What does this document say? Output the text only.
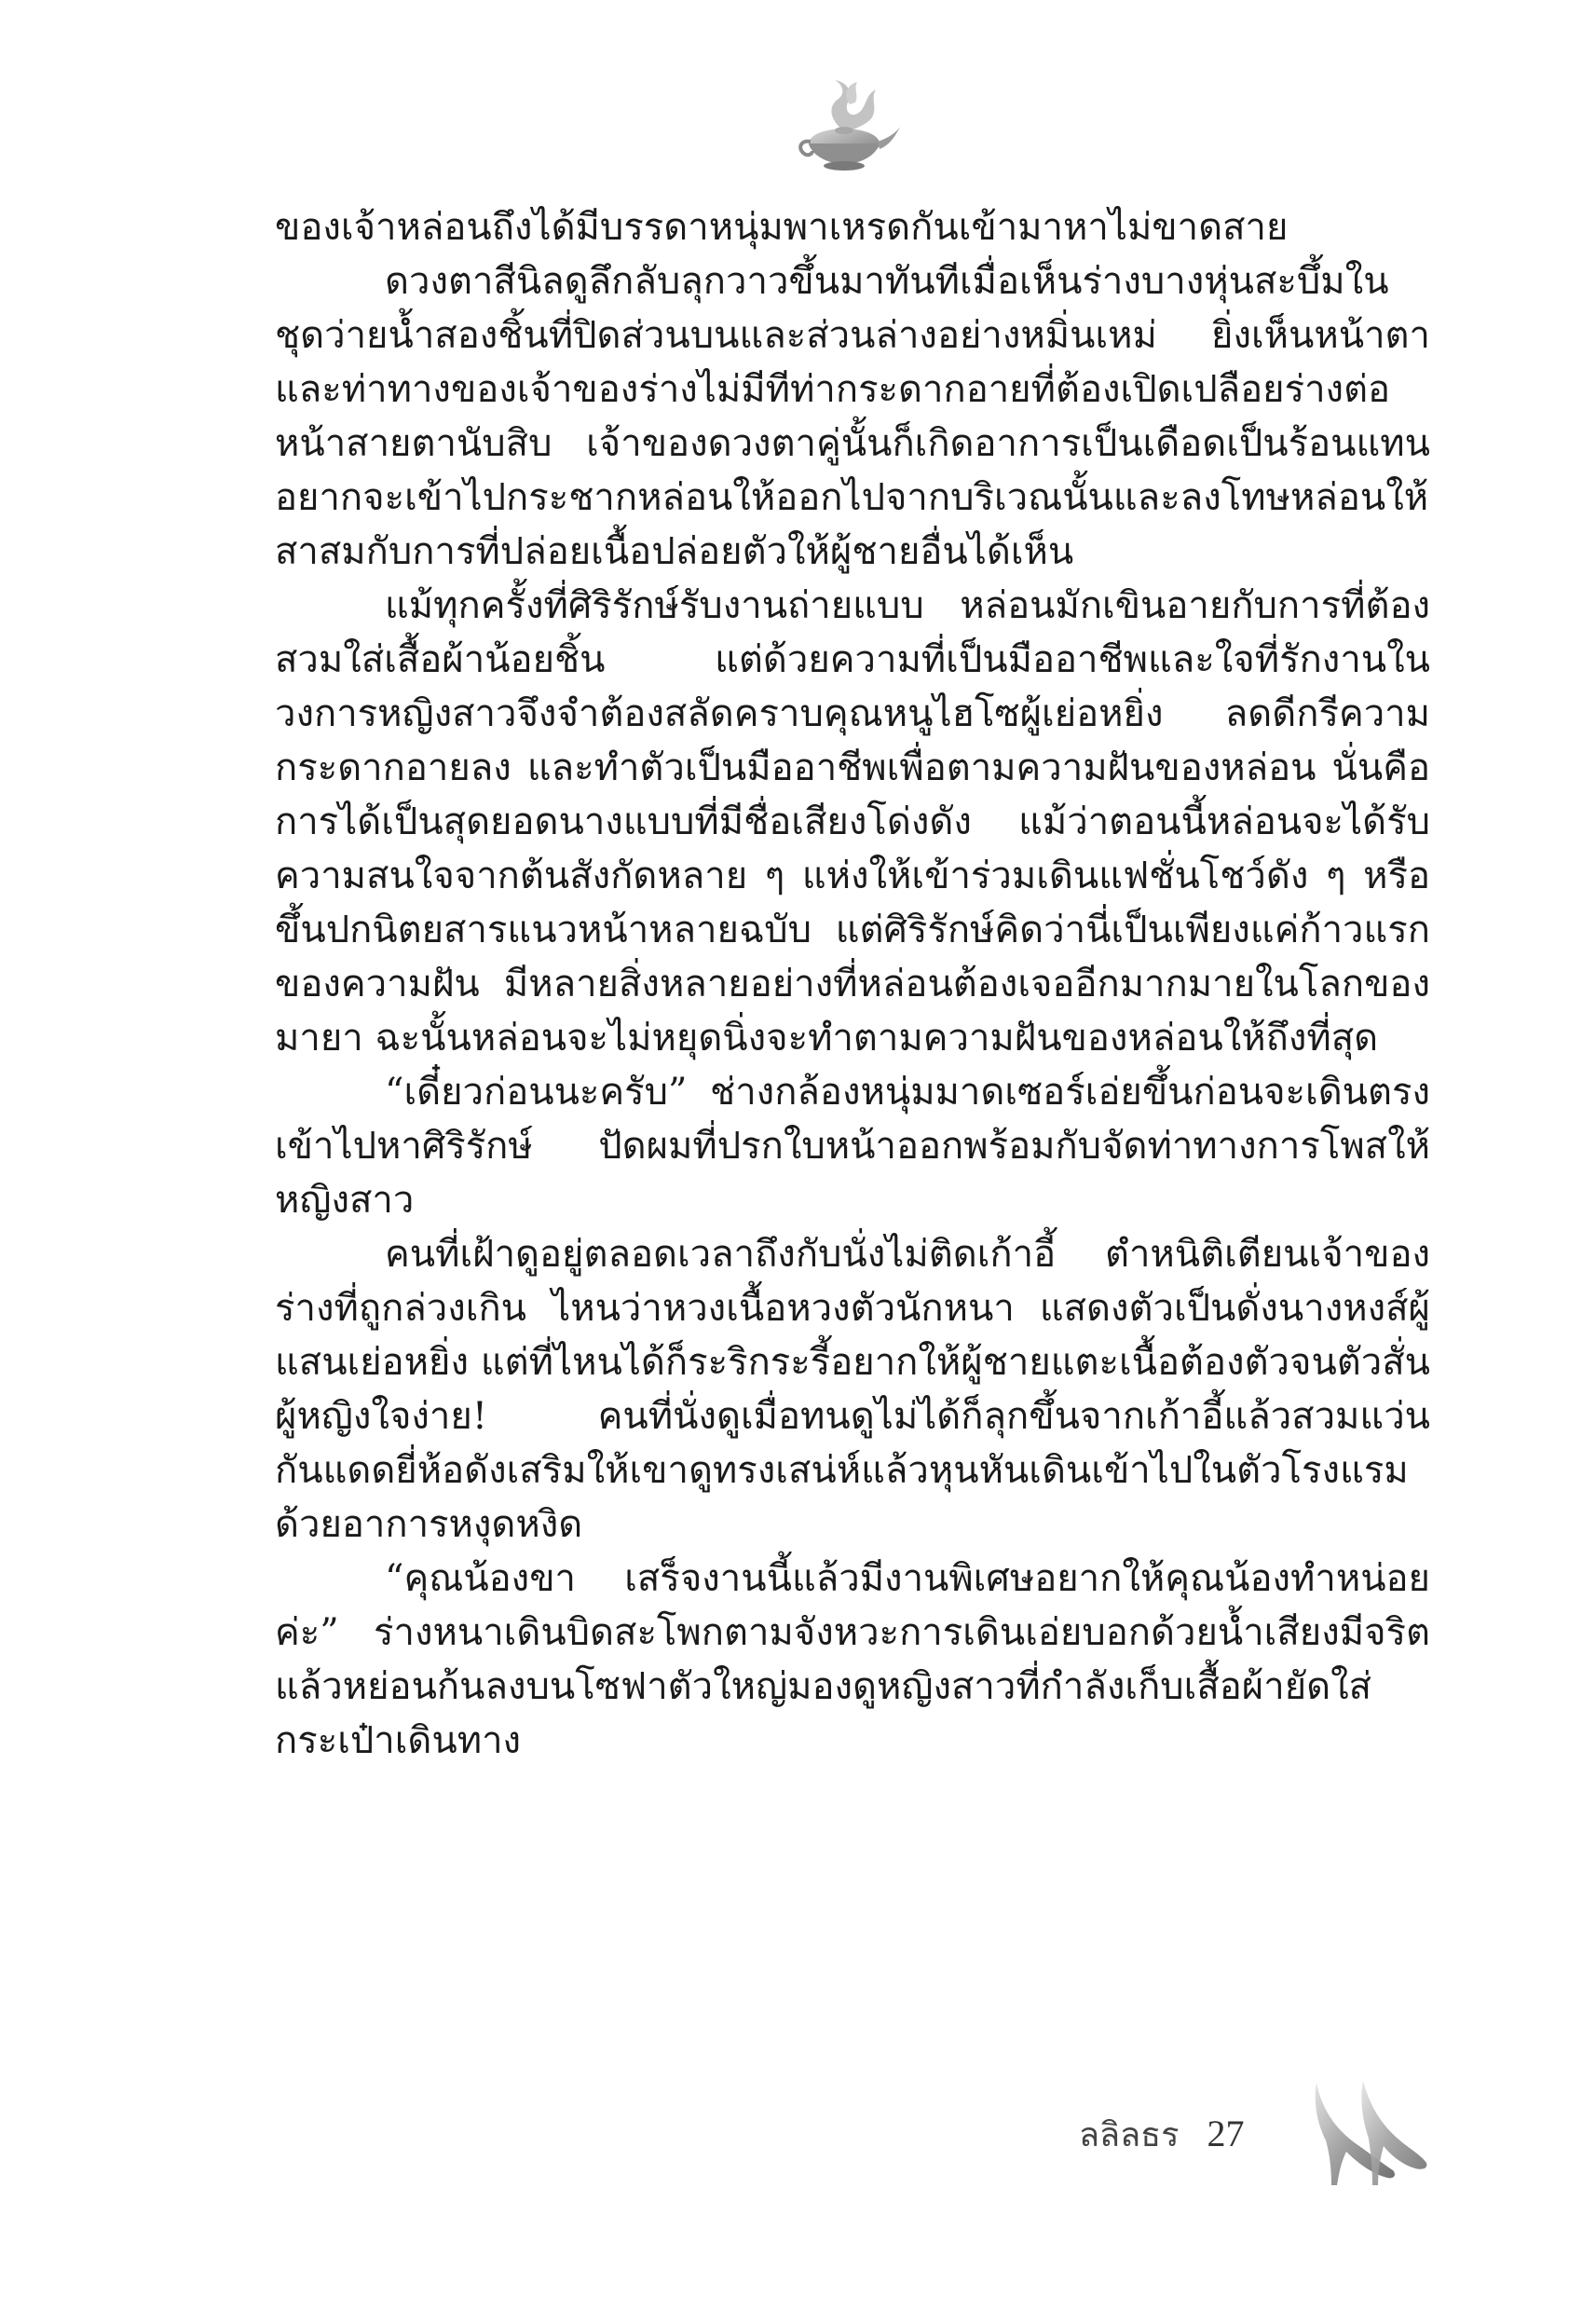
ของเจ้าหล่อนถึงได้มีบรรดาหนุ่มพาเหรดกันเข้ามาหาไม่ขาดสาย

ดวงตาสีนิลดูลึกลับลุกวาวขึ้นมาทันทีเมื่อเห็นร่างบางหุ่นสะบึ้มในชุดว่ายน้ำสองชิ้นที่ปิดส่วนบนและส่วนล่างอย่างหมิ่นเหม่ ยิ่งเห็นหน้าตาและท่าทางของเจ้าของร่างไม่มีทีท่ากระดากอายที่ต้องเปิดเปลือยร่างต่อหน้าสายตานับสิบ เจ้าของดวงตาคู่นั้นก็เกิดอาการเป็นเดือดเป็นร้อนแทน อยากจะเข้าไปกระชากหล่อนให้ออกไปจากบริเวณนั้นและลงโทษหล่อนให้สาสมกับการที่ปล่อยเนื้อปล่อยตัวให้ผู้ชายอื่นได้เห็น

แม้ทุกครั้งที่ศิริรักษ์รับงานถ่ายแบบ หล่อนมักเขินอายกับการที่ต้องสวมใส่เสื้อผ้าน้อยชิ้น แต่ด้วยความที่เป็นมืออาชีพและใจที่รักงานในวงการหญิงสาวจึงจำต้องสลัดคราบคุณหนูไฮโซผู้เย่อหยิ่ง ลดดีกรีความกระดากอายลง และทำตัวเป็นมืออาชีพเพื่อตามความฝันของหล่อน นั่นคือการได้เป็นสุดยอดนางแบบที่มีชื่อเสียงโด่งดัง แม้ว่าตอนนี้หล่อนจะได้รับความสนใจจากต้นสังกัดหลาย ๆ แห่งให้เข้าร่วมเดินแฟชั่นโชว์ดัง ๆ หรือขึ้นปกนิตยสารแนวหน้าหลายฉบับ แต่ศิริรักษ์คิดว่านี่เป็นเพียงแค่ก้าวแรกของความฝัน มีหลายสิ่งหลายอย่างที่หล่อนต้องเจออีกมากมายในโลกของมายา ฉะนั้นหล่อนจะไม่หยุดนิ่งจะทำตามความฝันของหล่อนให้ถึงที่สุด

“เดี๋ยวก่อนนะครับ” ช่างกล้องหนุ่มมาดเซอร์เอ่ยขึ้นก่อนจะเดินตรงเข้าไปหาศิริรักษ์ ปัดผมที่ปรกใบหน้าออกพร้อมกับจัดท่าทางการโพสให้หญิงสาว

คนที่เฝ้าดูอยู่ตลอดเวลาถึงกับนั่งไม่ติดเก้าอี้ ตำหนิติเตียนเจ้าของร่างที่ถูกล่วงเกิน ไหนว่าหวงเนื้อหวงตัวนักหนา แสดงตัวเป็นดั่งนางหงส์ผู้แสนเย่อหยิ่ง แต่ที่ไหนได้ก็ระริกระรี้อยากให้ผู้ชายแตะเนื้อต้องตัวจนตัวสั่น ผู้หญิงใจง่าย! คนที่นั่งดูเมื่อทนดูไม่ได้ก็ลุกขึ้นจากเก้าอี้แล้วสวมแว่นกันแดดยี่ห้อดังเสริมให้เขาดูทรงเสน่ห์แล้วหุนหันเดินเข้าไปในตัวโรงแรมด้วยอาการหงุดหงิด

“คุณน้องขา เสร็จงานนี้แล้วมีงานพิเศษอยากให้คุณน้องทำหน่อยค่ะ” ร่างหนาเดินบิดสะโพกตามจังหวะการเดินเอ่ยบอกด้วยน้ำเสียงมีจริต แล้วหย่อนก้นลงบนโซฟาตัวใหญ่มองดูหญิงสาวที่กำลังเก็บเสื้อผ้ายัดใส่กระเป๋าเดินทาง

ลลิลธร 27
